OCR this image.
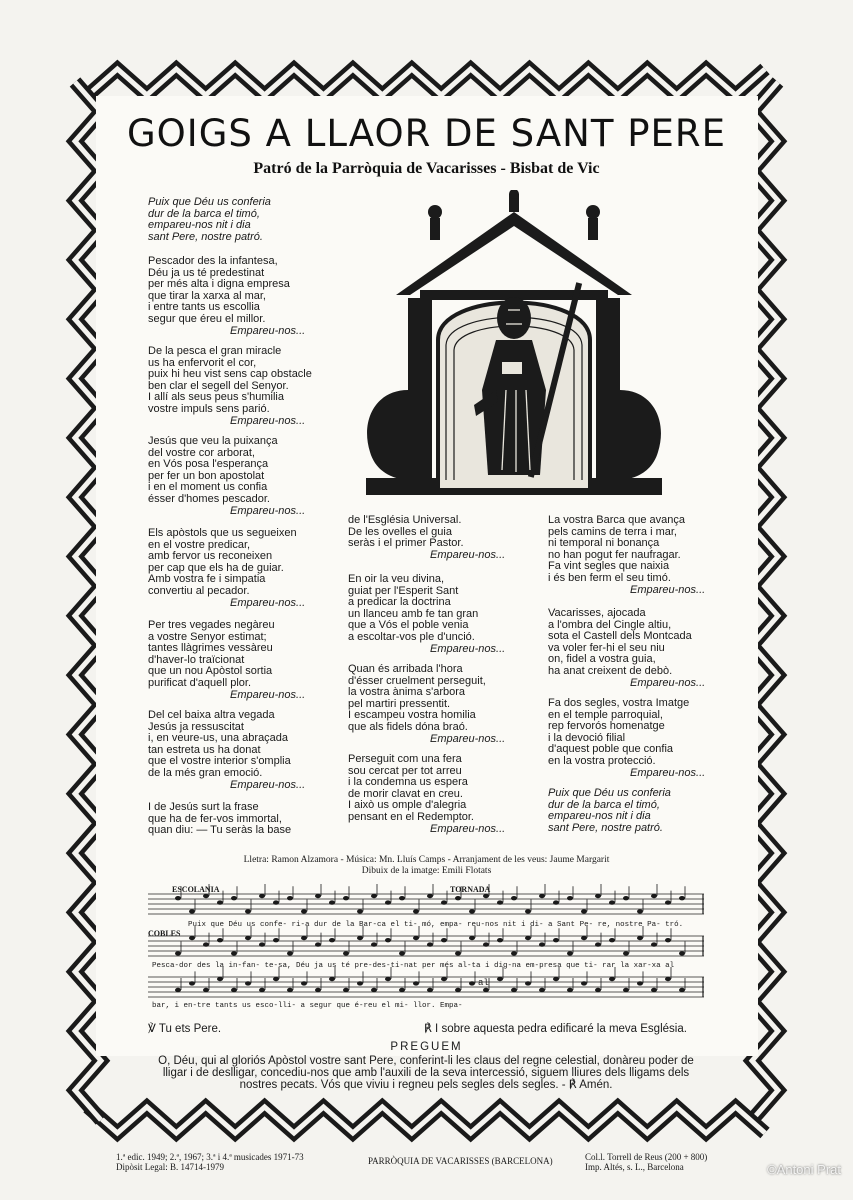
GOIGS A LLAOR DE SANT PERE
Patró de la Parròquia de Vacarisses - Bisbat de Vic
Puix que Déu us conferia
dur de la barca el timó,
empareu-nos nit i dia
sant Pere, nostre patró.
Pescador des la infantesa,
Déu ja us té predestinat
per més alta i digna empresa
que tirar la xarxa al mar,
i entre tants us escollia
segur que éreu el millor.
Empareu-nos...
De la pesca el gran miracle
us ha enfervorit el cor,
puix hi heu vist sens cap obstacle
ben clar el segell del Senyor.
I allí als seus peus s'humilia
vostre impuls sens parió.
Empareu-nos...
Jesús que veu la puixança
del vostre cor arborat,
en Vós posa l'esperança
per fer un bon apostolat
i en el moment us confia
ésser d'homes pescador.
Empareu-nos...
Els apòstols que us segueixen
en el vostre predicar,
amb fervor us reconeixen
per cap que els ha de guiar.
Amb vostra fe i simpatia
convertiu al pecador.
Empareu-nos...
Per tres vegades negàreu
a vostre Senyor estimat;
tantes llàgrimes vessàreu
d'haver-lo traïcionat
que un nou Apòstol sortia
purificat d'aquell plor.
Empareu-nos...
Del cel baixa altra vegada
Jesús ja ressuscitat
i, en veure-us, una abraçada
tan estreta us ha donat
que el vostre interior s'omplia
de la més gran emoció.
Empareu-nos...
I de Jesús surt la frase
que ha de fer-vos immortal,
quan diu: — Tu seràs la base
de l'Església Universal.
De les ovelles el guia
seràs i el primer Pastor.
Empareu-nos...
En oir la veu divina,
guiat per l'Esperit Sant
a predicar la doctrina
un llanceu amb fe tan gran
que a Vós el poble venia
a escoltar-vos ple d'unció.
Empareu-nos...
Quan és arribada l'hora
d'ésser cruelment perseguit,
la vostra ànima s'arbora
pel martiri pressentit.
I escampeu vostra homilia
que als fidels dóna braó.
Empareu-nos...
Perseguit com una fera
sou cercat per tot arreu
i la condemna us espera
de morir clavat en creu.
I això us omple d'alegria
pensant en el Redemptor.
Empareu-nos...
La vostra Barca que avança
pels camins de terra i mar,
ni temporal ni bonança
no han pogut fer naufragar.
Fa vint segles que naixia
i és ben ferm el seu timó.
Empareu-nos...
Vacarisses, ajocada
a l'ombra del Cingle altiu,
sota el Castell dels Montcada
va voler fer-hi el seu niu
on, fidel a vostra guia,
ha anat creixent de debò.
Empareu-nos...
Fa dos segles, vostra Imatge
en el temple parroquial,
rep fervorós homenatge
i la devoció filial
d'aquest poble que confia
en la vostra protecció.
Empareu-nos...
Puix que Déu us conferia
dur de la barca el timó,
empareu-nos nit i dia
sant Pere, nostre patró.
Lletra: Ramon Alzamora - Música: Mn. Lluís Camps - Arranjament de les veus: Jaume Margarit
Dibuix de la imatge: Emili Flotats
ESCOLANIA	TORNADA
COBLES
Puix que Déu us confe- ri-a dur de la Bar-ca el ti- mó, empa- reu-nos nit i di- a Sant Pe- re, nostre Pa- tró.
Pesca-dor des la in-fan- te-sa, Déu ja us té pre-des-ti-nat per més al-ta i dig-na em-presa que ti- rar la xar-xa al
bar, i en-tre tants us esco-lli- a segur que é-reu el mi- llor. Empa-
al
℣ Tu ets Pere.	℟ I sobre aquesta pedra edificaré la meva Església.
PREGUEM
O, Déu, qui al gloriós Apòstol vostre sant Pere, conferint-li les claus del regne celestial, donàreu poder de lligar i de deslligar, concediu-nos que amb l'auxili de la seva intercessió, siguem lliures dels lligams dels nostres pecats. Vós que viviu i regneu pels segles dels segles. - ℟ Amén.
1.ª edic. 1949; 2.ª, 1967; 3.ª i 4.ª musicades 1971-73
Dipòsit Legal: B. 14714-1979
PARRÒQUIA DE VACARISSES (BARCELONA)	Col.l. Torrell de Reus (200 + 800)
Imp. Altés, s. L., Barcelona	©Antoni Prat
